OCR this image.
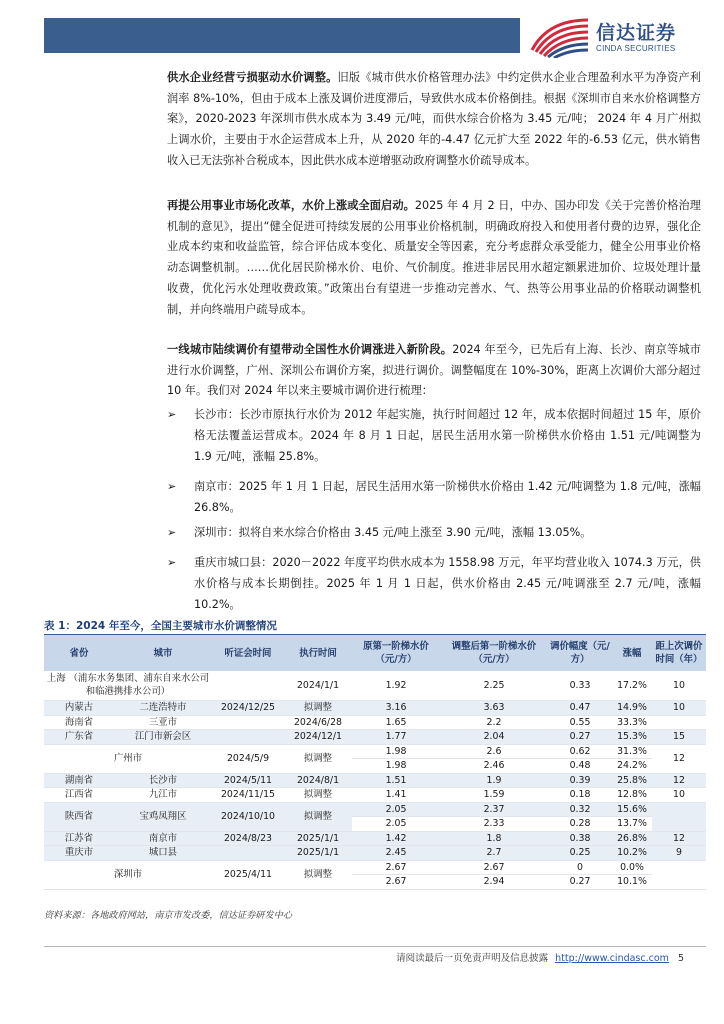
信达证券
CINDA SECURITIES
供水企业经营亏损驱动水价调整。旧版《城市供水价格管理办法》中约定供水企业合理盈利水平为净资产利润率 8%-10%，但由于成本上涨及调价进度滞后，导致供水成本价格倒挂。根据《深圳市自来水价格调整方案》，2020-2023 年深圳市供水成本为 3.49 元/吨，而供水综合价格为 3.45 元/吨； 2024 年 4 月广州拟上调水价，主要由于水企运营成本上升，从 2020 年的-4.47 亿元扩大至 2022 年的-6.53 亿元，供水销售收入已无法弥补合税成本，因此供水成本逆增驱动政府调整水价疏导成本。
再提公用事业市场化改革，水价上涨或全面启动。2025 年 4 月 2 日，中办、国办印发《关于完善价格治理机制的意见》，提出“健全促进可持续发展的公用事业价格机制，明确政府投入和使用者付费的边界，强化企业成本约束和收益监管，综合评估成本变化、质量安全等因素，充分考虑群众承受能力，健全公用事业价格动态调整机制。……优化居民阶梯水价、电价、气价制度。推进非居民用水超定额累进加价、垃圾处理计量收费，优化污水处理收费政策。”政策出台有望进一步推动完善水、气、热等公用事业品的价格联动调整机制，并向终端用户疏导成本。
一线城市陆续调价有望带动全国性水价调涨进入新阶段。2024 年至今，已先后有上海、长沙、南京等城市进行水价调整，广州、深圳公布调价方案，拟进行调价。调整幅度在 10%-30%，距离上次调价大部分超过 10 年。我们对 2024 年以来主要城市调价进行梳理：
➢ 长沙市：长沙市原执行水价为 2012 年起实施，执行时间超过 12 年，成本依据时间超过 15 年，原价格无法覆盖运营成本。2024 年 8 月 1 日起，居民生活用水第一阶梯供水价格由 1.51 元/吨调整为 1.9 元/吨，涨幅 25.8%。
➢ 南京市：2025 年 1 月 1 日起，居民生活用水第一阶梯供水价格由 1.42 元/吨调整为 1.8 元/吨，涨幅 26.8%。
➢ 深圳市：拟将自来水综合价格由 3.45 元/吨上涨至 3.90 元/吨，涨幅 13.05%。
➢ 重庆市城口县：2020－2022 年度平均供水成本为 1558.98 万元，年平均营业收入 1074.3 万元，供水价格与成本长期倒挂。2025 年 1 月 1 日起，供水价格由 2.45 元/吨调涨至 2.7 元/吨，涨幅 10.2%。
表 1：2024 年至今，全国主要城市水价调整情况
省份	城市	听证会时间	执行时间	原第一阶梯水价（元/方）	调整后第一阶梯水价（元/方）	调价幅度（元/方）	涨幅	距上次调价时间（年）
上海 （浦东水务集团、浦东自来水公司和临港携排水公司）			2024/1/1	1.92	2.25	0.33	17.2%	10
内蒙古	二连浩特市	2024/12/25	拟调整	3.16	3.63	0.47	14.9%	10
海南省	三亚市		2024/6/28	1.65	2.2	0.55	33.3%	
广东省	江门市新会区		2024/12/1	1.77	2.04	0.27	15.3%	15
广州市		2024/5/9	拟调整	1.98	2.6	0.62	31.3%	12
				1.98	2.46	0.48	24.2%	
湖南省	长沙市	2024/5/11	2024/8/1	1.51	1.9	0.39	25.8%	12
江西省	九江市	2024/11/15	拟调整	1.41	1.59	0.18	12.8%	10
陕西省	宝鸡凤翔区	2024/10/10	拟调整	2.05	2.37	0.32	15.6%	
				2.05	2.33	0.28	13.7%	
江苏省	南京市	2024/8/23	2025/1/1	1.42	1.8	0.38	26.8%	12
重庆市	城口县		2025/1/1	2.45	2.7	0.25	10.2%	9
深圳市		2025/4/11	拟调整	2.67	2.67	0	0.0%	
				2.67	2.94	0.27	10.1%	
资料来源：各地政府网站，南京市发改委，信达证券研发中心
请阅读最后一页免责声明及信息披露 http://www.cindasc.com 5
